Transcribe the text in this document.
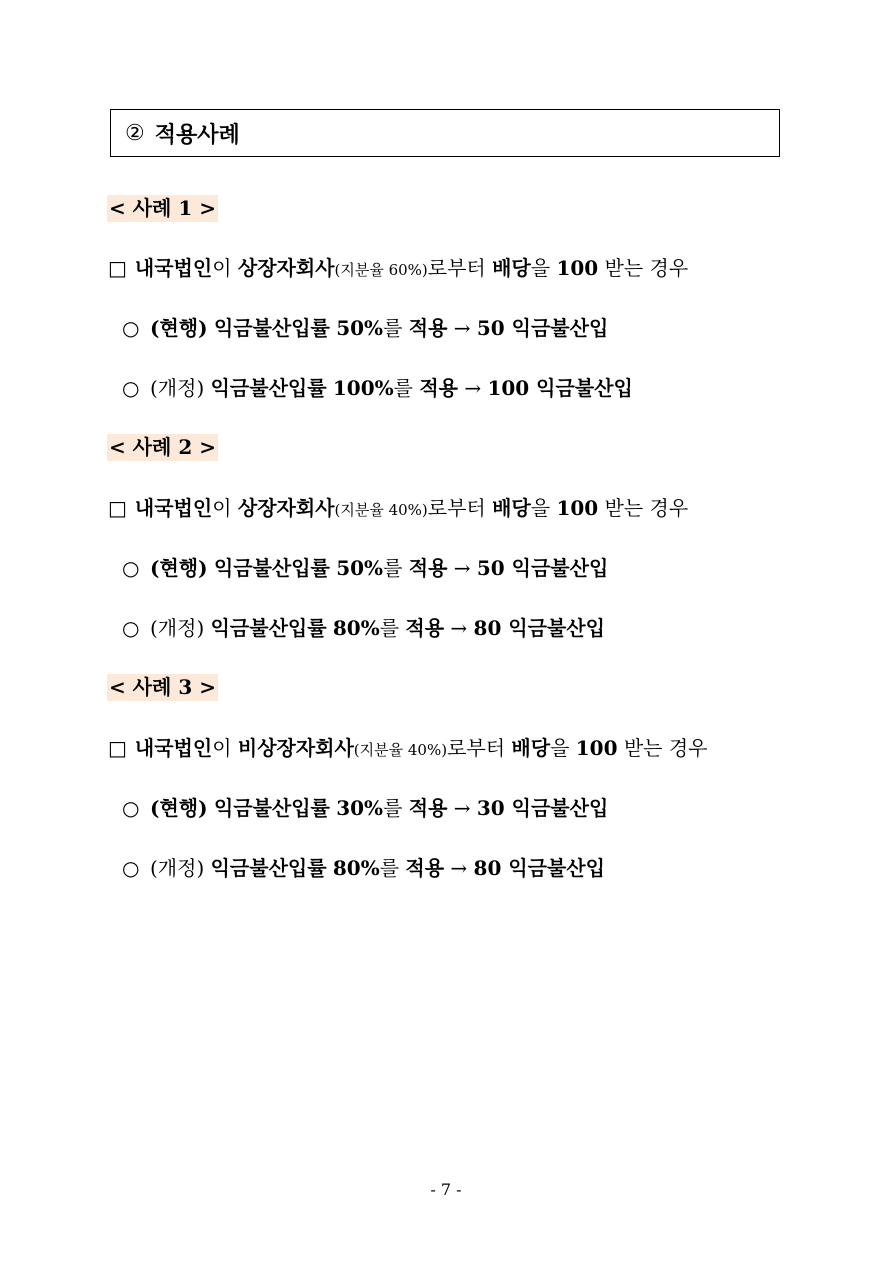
② 적용사례
< 사례 1 >
□ 내국법인이 상장자회사(지분율 60%)로부터 배당을 100 받는 경우
○ (현행) 익금불산입률 50%를 적용 → 50 익금불산입
○ (개정) 익금불산입률 100%를 적용 → 100 익금불산입
< 사례 2 >
□ 내국법인이 상장자회사(지분율 40%)로부터 배당을 100 받는 경우
○ (현행) 익금불산입률 50%를 적용 → 50 익금불산입
○ (개정) 익금불산입률 80%를 적용 → 80 익금불산입
< 사례 3 >
□ 내국법인이 비상장자회사(지분율 40%)로부터 배당을 100 받는 경우
○ (현행) 익금불산입률 30%를 적용 → 30 익금불산입
○ (개정) 익금불산입률 80%를 적용 → 80 익금불산입
- 7 -
